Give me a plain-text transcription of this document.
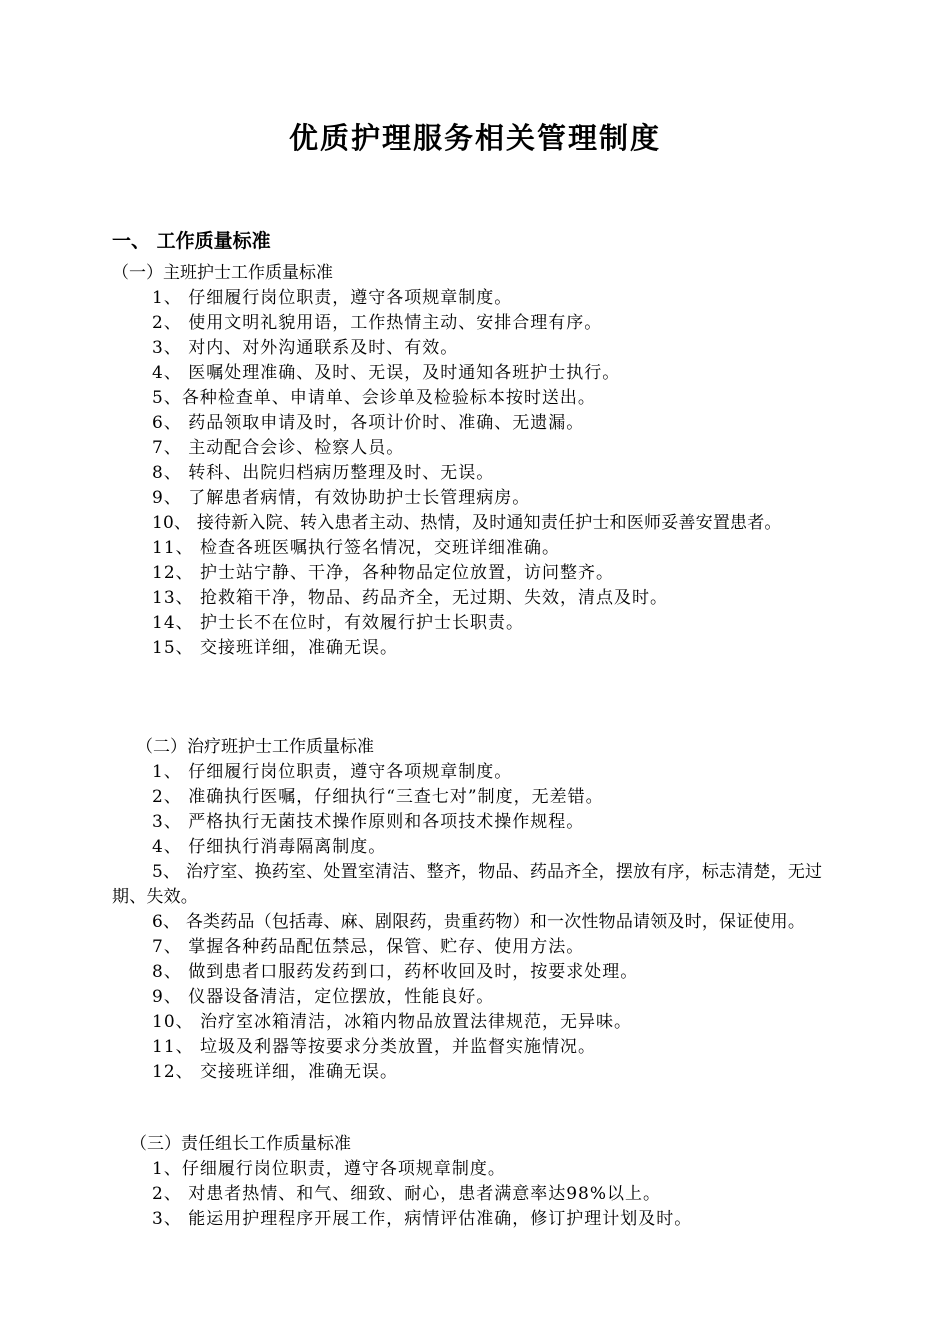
优质护理服务相关管理制度
一、 工作质量标准
（一）主班护士工作质量标准
1、 仔细履行岗位职责，遵守各项规章制度。
2、 使用文明礼貌用语，工作热情主动、安排合理有序。
3、 对内、对外沟通联系及时、有效。
4、 医嘱处理准确、及时、无误，及时通知各班护士执行。
5、各种检查单、申请单、会诊单及检验标本按时送出。
6、 药品领取申请及时，各项计价时、准确、无遗漏。
7、 主动配合会诊、检察人员。
8、 转科、出院归档病历整理及时、无误。
9、 了解患者病情，有效协助护士长管理病房。
10、 接待新入院、转入患者主动、热情，及时通知责任护士和医师妥善安置患者。
11、 检查各班医嘱执行签名情况，交班详细准确。
12、 护士站宁静、干净，各种物品定位放置，访问整齐。
13、 抢救箱干净，物品、药品齐全，无过期、失效，清点及时。
14、 护士长不在位时，有效履行护士长职责。
15、 交接班详细，准确无误。
（二）治疗班护士工作质量标准
1、 仔细履行岗位职责，遵守各项规章制度。
2、 准确执行医嘱，仔细执行“三查七对”制度，无差错。
3、 严格执行无菌技术操作原则和各项技术操作规程。
4、 仔细执行消毒隔离制度。
5、 治疗室、换药室、处置室清洁、整齐，物品、药品齐全，摆放有序，标志清楚，无过期、失效。
6、 各类药品（包括毒、麻、剧限药，贵重药物）和一次性物品请领及时，保证使用。
7、 掌握各种药品配伍禁忌，保管、贮存、使用方法。
8、 做到患者口服药发药到口，药杯收回及时，按要求处理。
9、 仪器设备清洁，定位摆放，性能良好。
10、 治疗室冰箱清洁，冰箱内物品放置法律规范，无异味。
11、 垃圾及利器等按要求分类放置，并监督实施情况。
12、 交接班详细，准确无误。
（三）责任组长工作质量标准
1、仔细履行岗位职责，遵守各项规章制度。
2、 对患者热情、和气、细致、耐心，患者满意率达98%以上。
3、 能运用护理程序开展工作，病情评估准确，修订护理计划及时。
